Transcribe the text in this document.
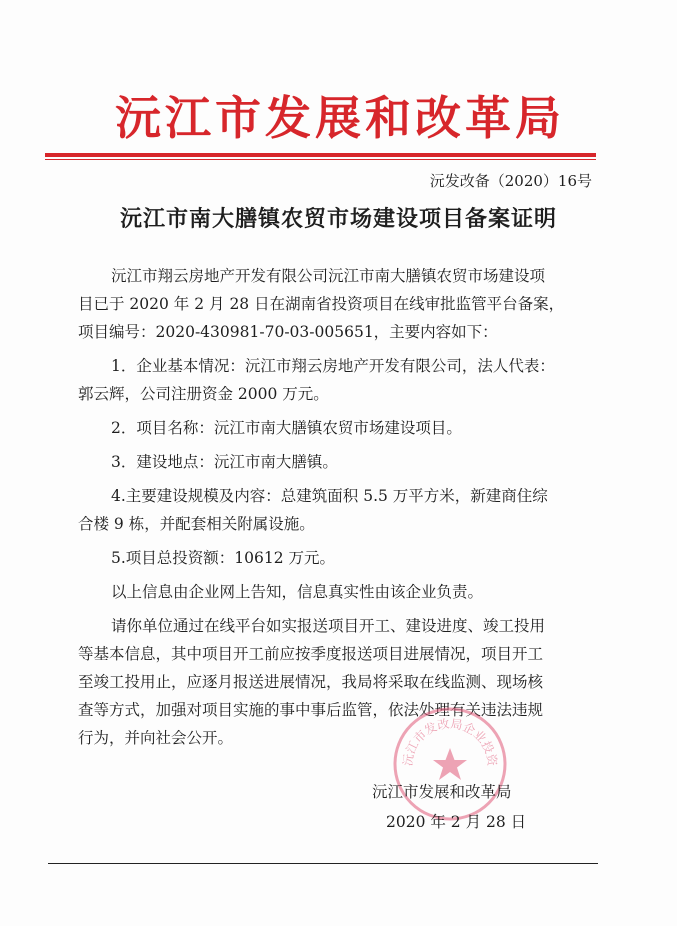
沅江市发展和改革局
沅发改备（2020）16号
沅江市南大膳镇农贸市场建设项目备案证明

沅江市翔云房地产开发有限公司沅江市南大膳镇农贸市场建设项

目已于 2020 年 2 月 28 日在湖南省投资项目在线审批监管平台备案，

项目编号：2020-430981-70-03-005651，主要内容如下：

1．企业基本情况：沅江市翔云房地产开发有限公司，法人代表：

郭云辉，公司注册资金 2000 万元。

2．项目名称：沅江市南大膳镇农贸市场建设项目。

3．建设地点：沅江市南大膳镇。

4.主要建设规模及内容：总建筑面积 5.5 万平方米，新建商住综

合楼 9 栋，并配套相关附属设施。

5.项目总投资额：10612 万元。

以上信息由企业网上告知，信息真实性由该企业负责。

请你单位通过在线平台如实报送项目开工、建设进度、竣工投用

等基本信息，其中项目开工前应按季度报送项目进展情况，项目开工

至竣工投用止，应逐月报送进展情况，我局将采取在线监测、现场核

查等方式，加强对项目实施的事中事后监管，依法处理有关违法违规

行为，并向社会公开。

沅江市发改局企业投资
沅江市发展和改革局
2020 年 2 月 28 日
